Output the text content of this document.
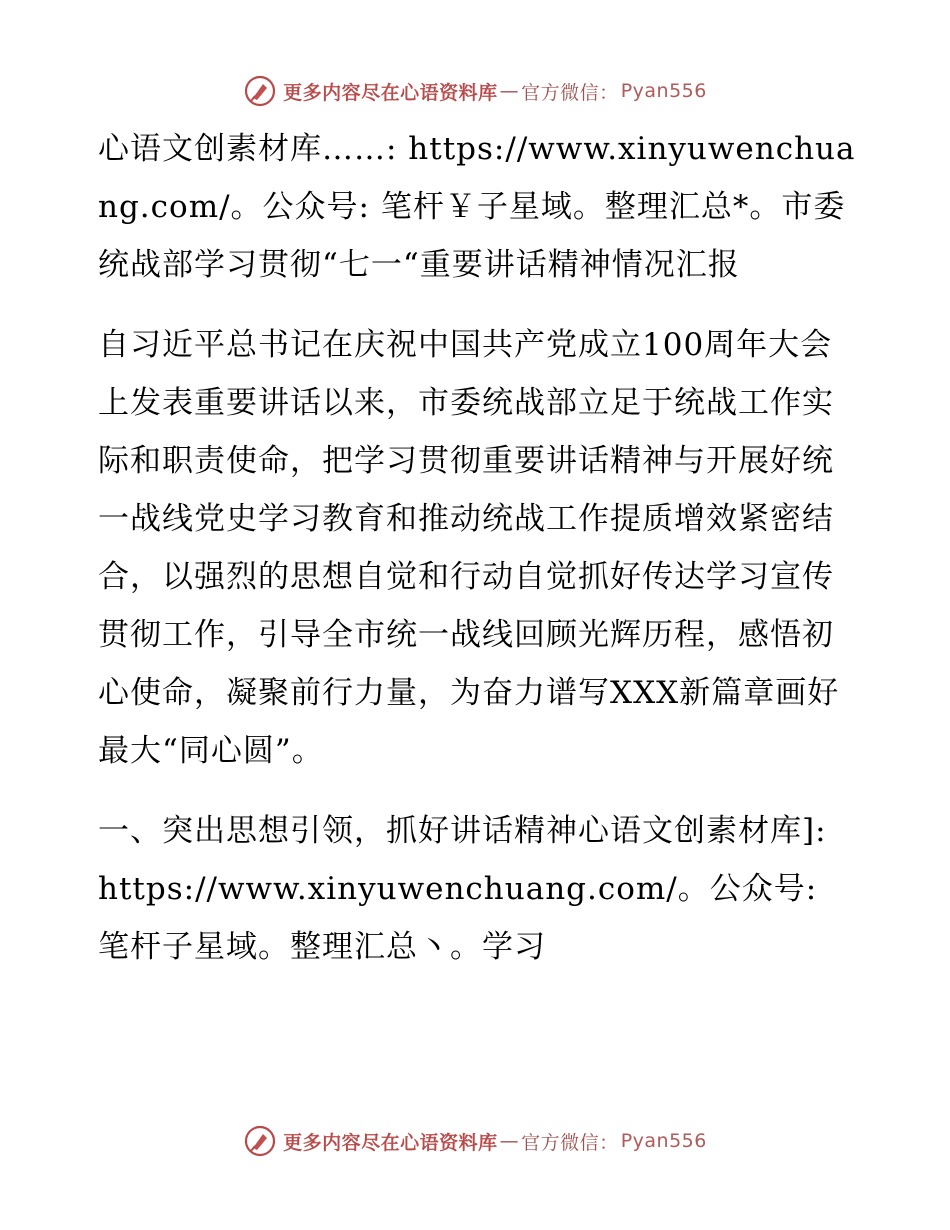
更多内容尽在心语资料库 — 官方微信： Pyan556

心语文创素材库……: https://www.xinyuwenchuang.com/。公众号: 笔杆￥子星域。整理汇总*。市委统战部学习贯彻“七一“重要讲话精神情况汇报

自习近平总书记在庆祝中国共产党成立100周年大会上发表重要讲话以来，市委统战部立足于统战工作实际和职责使命，把学习贯彻重要讲话精神与开展好统一战线党史学习教育和推动统战工作提质增效紧密结合，以强烈的思想自觉和行动自觉抓好传达学习宣传贯彻工作，引导全市统一战线回顾光辉历程，感悟初心使命，凝聚前行力量，为奋力谱写XXX新篇章画好最大“同心圆”。

一、突出思想引领，抓好讲话精神心语文创素材库]: https://www.xinyuwenchuang.com/。公众号: 笔杆子星域。整理汇总丶。学习

更多内容尽在心语资料库 — 官方微信： Pyan556
